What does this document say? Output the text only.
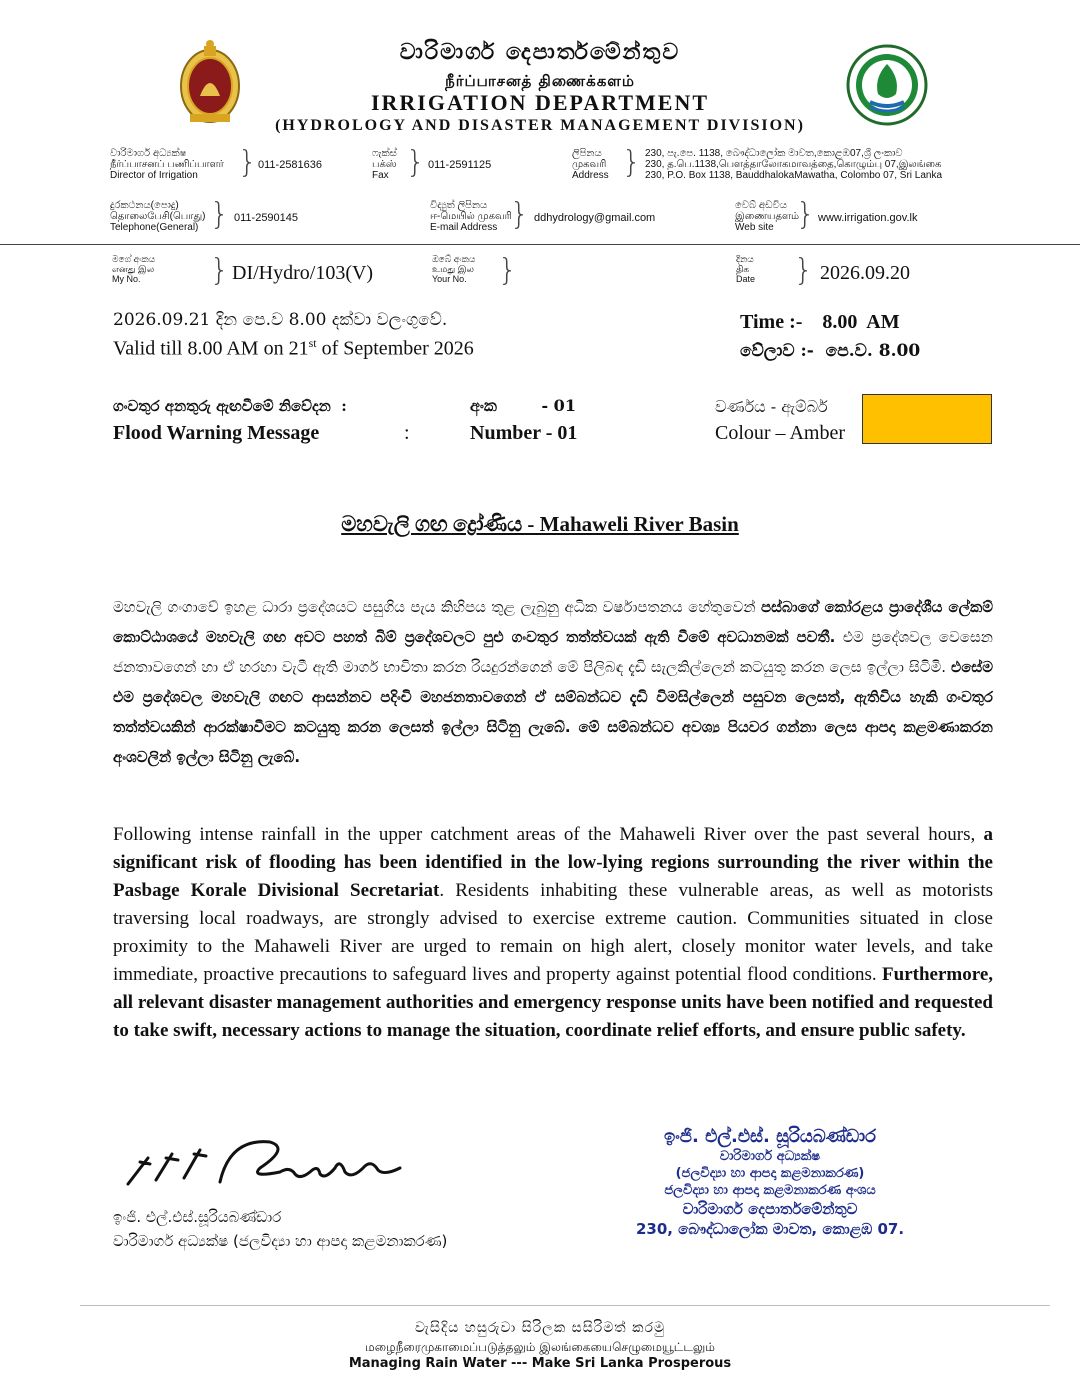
වාරිමාර්ග දෙපාර්තමේන්තුව
நீர்ப்பாசனத் திணைக்களம்
IRRIGATION DEPARTMENT
(HYDROLOGY AND DISASTER MANAGEMENT DIVISION)
වාරිමාර්ග අධ්‍යක්ෂ
நீர்ப்பாசனப் பணிப்பாளர்
Director of Irrigation	} 011-2581636
ෆැක්ස්
பக்ஸ்
Fax } 011-2591125
ලිපිනය
முகவரி
Address } 230, පැ.පෙ. 1138, බෞද්ධාලෝක මාවත,කොළඹ07,ශ්‍රී ලංකාව
230, த.பெ.1138,பௌத்தாலோகமாவத்தை,கொழும்பு 07,இலங்கை
230, P.O. Box 1138, BauddhalokaMawatha, Colombo 07, Sri Lanka
දුරකථනය(පොදු)
தொலைபேசி(பொது)
Telephone(General) } 011-2590145
විද්‍යුත් ලිපිනය
ஈ-மெயில் முகவரி
E-mail Address } ddhydrology@gmail.com
වෙබ් අඩවිය
இணையதளம்
Web site } www.irrigation.gov.lk
මගේ අංකය
எனது இல
My No.	} DI/Hydro/103(V)
ඔබේ අංකය
உமது இல
Your No. }	දිනය
திக
Date } 2026.09.20
2026.09.21 දින පෙ.ව 8.00 දක්වා වලංගුවේ.
Valid till 8.00 AM on 21st of September 2026
Time :-    8.00  AM
වේලාව :-  පෙ.ව. 8.00
ගංවතුර අනතුරු ඇඟවීමේ නිවේදන  :
Flood Warning Message	:
අංක        - 01
Number - 01
වර්ණය - ඇම්බර්
Colour – Amber
මහවැලි ගඟ ද්‍රෝණිය - Mahaweli River Basin
මහවැලි ගංගාවේ ඉහළ ධාරා ප්‍රදේශයට පසුගිය පැය කිහිපය තුළ ලැබුනු අධික වර්ෂාපතනය හේතුවෙන් පස්බාගේ කෝරළය ප්‍රාදේශීය ලේකම් කොට්ඨාශයේ මහවැලි ගඟ අවට පහත් බිම් ප්‍රදේශවලට පුළු ගංවතුර තත්ත්වයක් ඇති වීමේ අවධානමක් පවතී. එම ප්‍රදේශවල වෙසෙන ජනතාවගෙන් හා ඒ හරහා වැටී ඇති මාර්ග භාවිතා කරන රියදුරන්ගෙන් මේ පිලිබඳ දැඩි සැලකිල්ලෙන් කටයුතු කරන ලෙස ඉල්ලා සිටිමි. එසේම එම ප්‍රදේශවල මහවැලි ගඟට ආසන්නව පදිංචි මහජනතාවගෙන් ඒ සම්බන්ධව දැඩි විමසිල්ලෙන් පසුවන ලෙසත්, ඇතිවිය හැකි ගංවතුර තත්ත්වයකින් ආරක්ෂාවීමට කටයුතු කරන ලෙසත් ඉල්ලා සිටිනු ලැබේ. මේ සම්බන්ධව අවශ්‍ය පියවර ගන්නා ලෙස ආපදා කළමණාකරන අංශවලින් ඉල්ලා සිටිනු ලැබේ.
Following intense rainfall in the upper catchment areas of the Mahaweli River over the past several hours, a significant risk of flooding has been identified in the low-lying regions surrounding the river within the Pasbage Korale Divisional Secretariat. Residents inhabiting these vulnerable areas, as well as motorists traversing local roadways, are strongly advised to exercise extreme caution. Communities situated in close proximity to the Mahaweli River are urged to remain on high alert, closely monitor water levels, and take immediate, proactive precautions to safeguard lives and property against potential flood conditions. Furthermore, all relevant disaster management authorities and emergency response units have been notified and requested to take swift, necessary actions to manage the situation, coordinate relief efforts, and ensure public safety.
ඉංජි. එල්.එස්.සූරියබණ්ඩාර
වාරිමාර්ග අධ්‍යක්ෂ (ජලවිද්‍යා හා ආපදා කළමනාකරණ)
ඉංජි. එල්.එස්. සූරියබණ්ඩාර
වාරිමාර්ග අධ්‍යක්ෂ
(ජලවිද්‍යා හා ආපදා කළමනාකරණ)
ජලවිද්‍යා හා ආපදා කළමනාකරණ අංශය
වාරිමාර්ග දෙපාර්තමේන්තුව
230, බෞද්ධාලෝක මාවත, කොළඹ 07.
වැසිදිය හසුරුවා සිරිලක සසිරිමත් කරමු
மழைநீரைமுகாமைப்படுத்தலும் இலங்கையைசெழுமையூட்டலும்
Managing Rain Water --- Make Sri Lanka Prosperous
